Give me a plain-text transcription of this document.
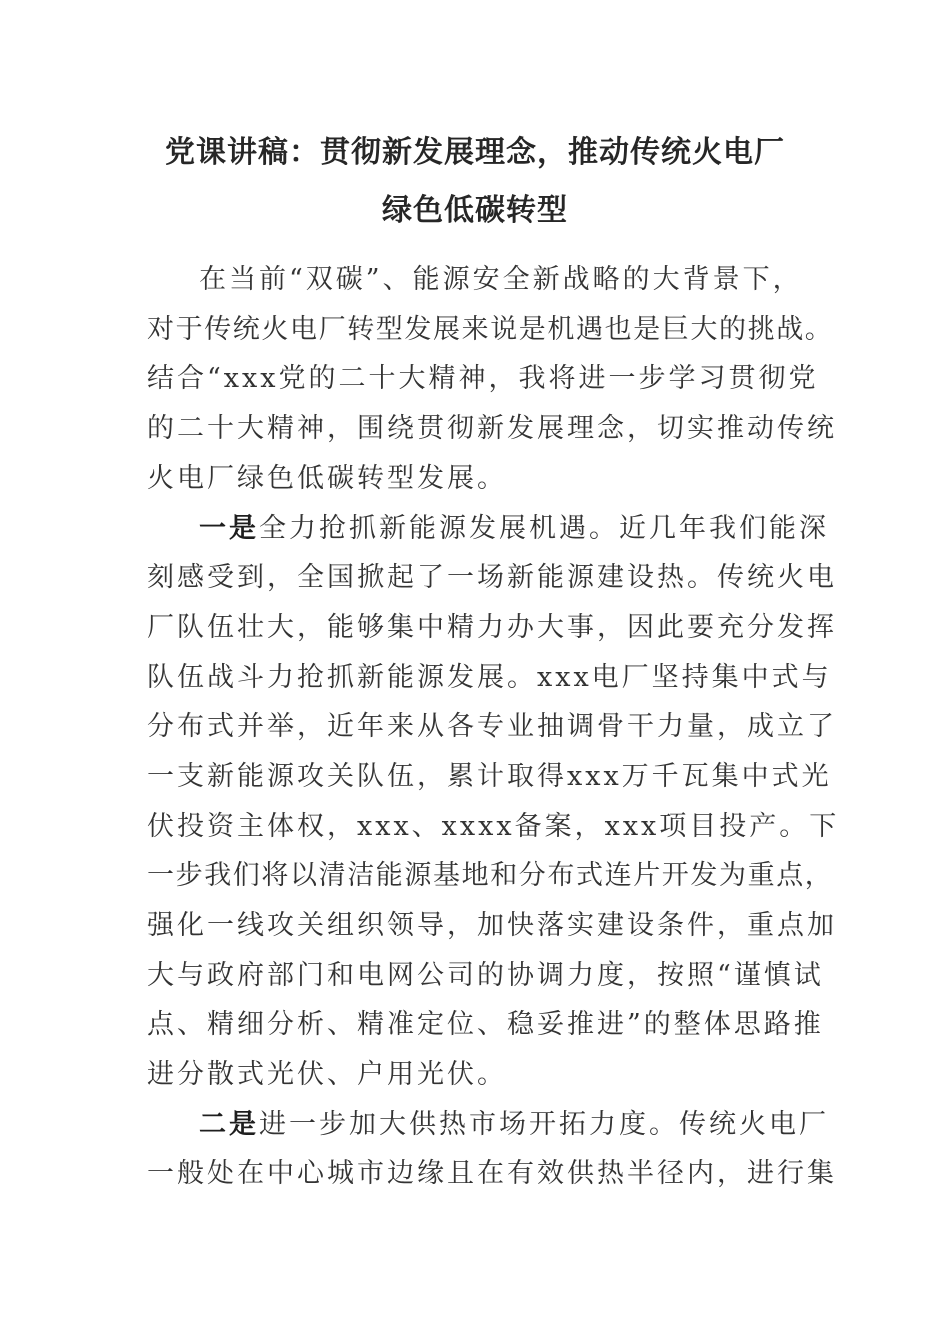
党课讲稿：贯彻新发展理念，推动传统火电厂
绿色低碳转型
在当前“双碳”、能源安全新战略的大背景下，
对于传统火电厂转型发展来说是机遇也是巨大的挑战。
结合“xxx党的二十大精神，我将进一步学习贯彻党
的二十大精神，围绕贯彻新发展理念，切实推动传统
火电厂绿色低碳转型发展。
一是全力抢抓新能源发展机遇。近几年我们能深
刻感受到，全国掀起了一场新能源建设热。传统火电
厂队伍壮大，能够集中精力办大事，因此要充分发挥
队伍战斗力抢抓新能源发展。xxx电厂坚持集中式与
分布式并举，近年来从各专业抽调骨干力量，成立了
一支新能源攻关队伍，累计取得xxx万千瓦集中式光
伏投资主体权，xxx、xxxx备案，xxx项目投产。下
一步我们将以清洁能源基地和分布式连片开发为重点，
强化一线攻关组织领导，加快落实建设条件，重点加
大与政府部门和电网公司的协调力度，按照“谨慎试
点、精细分析、精准定位、稳妥推进”的整体思路推
进分散式光伏、户用光伏。
二是进一步加大供热市场开拓力度。传统火电厂
一般处在中心城市边缘且在有效供热半径内，进行集
